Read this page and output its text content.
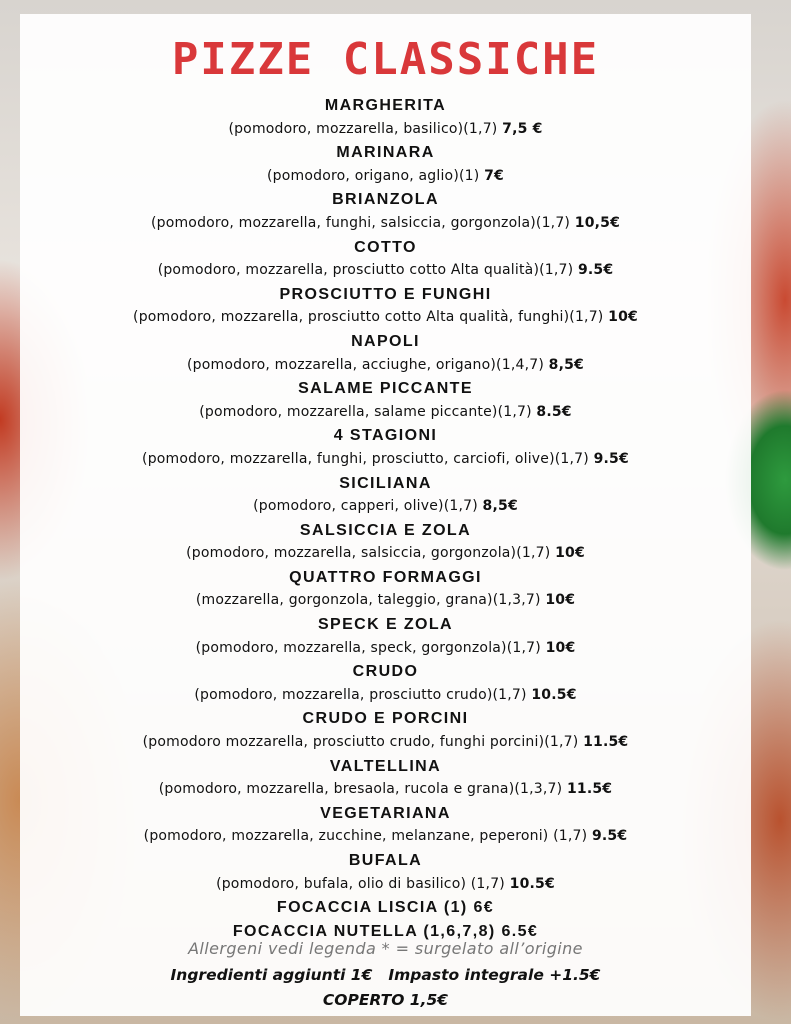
PIZZE CLASSICHE
MARGHERITA
(pomodoro, mozzarella, basilico)(1,7) 7,5 €
MARINARA
(pomodoro, origano, aglio)(1) 7€
BRIANZOLA
(pomodoro, mozzarella, funghi, salsiccia, gorgonzola)(1,7) 10,5€
COTTO
(pomodoro, mozzarella, prosciutto cotto Alta qualità)(1,7) 9.5€
PROSCIUTTO E FUNGHI
(pomodoro, mozzarella, prosciutto cotto Alta qualità, funghi)(1,7) 10€
NAPOLI
(pomodoro, mozzarella, acciughe, origano)(1,4,7) 8,5€
SALAME PICCANTE
(pomodoro, mozzarella, salame piccante)(1,7) 8.5€
4 STAGIONI
(pomodoro, mozzarella, funghi, prosciutto, carciofi, olive)(1,7) 9.5€
SICILIANA
(pomodoro, capperi, olive)(1,7) 8,5€
SALSICCIA E ZOLA
(pomodoro, mozzarella, salsiccia, gorgonzola)(1,7) 10€
QUATTRO FORMAGGI
(mozzarella, gorgonzola, taleggio, grana)(1,3,7) 10€
SPECK E ZOLA
(pomodoro, mozzarella, speck, gorgonzola)(1,7) 10€
CRUDO
(pomodoro, mozzarella, prosciutto crudo)(1,7) 10.5€
CRUDO E PORCINI
(pomodoro mozzarella, prosciutto crudo, funghi porcini)(1,7) 11.5€
VALTELLINA
(pomodoro, mozzarella, bresaola, rucola e grana)(1,3,7) 11.5€
VEGETARIANA
(pomodoro, mozzarella, zucchine, melanzane, peperoni) (1,7) 9.5€
BUFALA
(pomodoro, bufala, olio di basilico) (1,7) 10.5€
FOCACCIA LISCIA (1) 6€
FOCACCIA NUTELLA (1,6,7,8) 6.5€
Allergeni vedi legenda * = surgelato all’origine
Ingredienti aggiunti 1€ Impasto integrale +1.5€
COPERTO 1,5€
